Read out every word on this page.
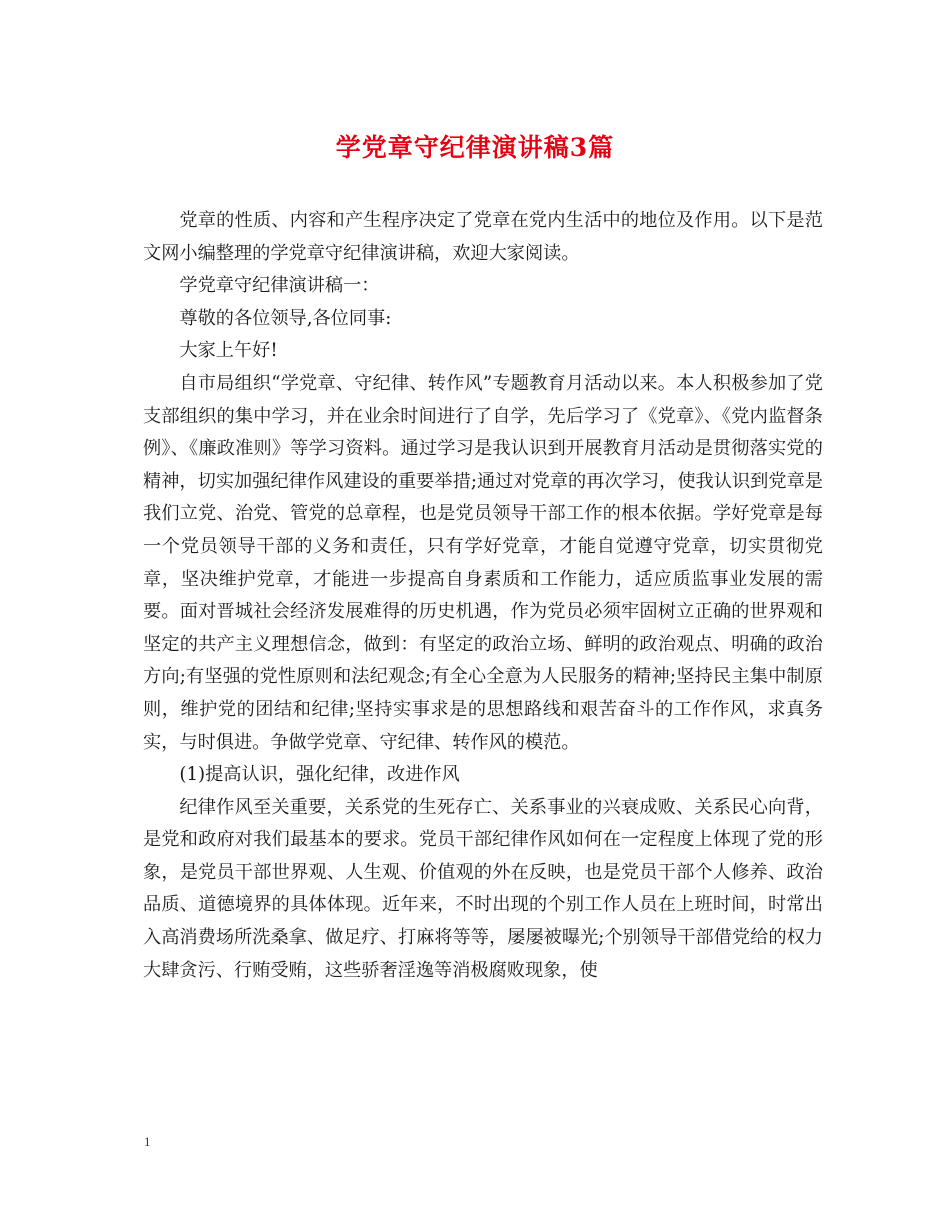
学党章守纪律演讲稿3篇

党章的性质、内容和产生程序决定了党章在党内生活中的地位及作用。以下是范文网小编整理的学党章守纪律演讲稿，欢迎大家阅读。

学党章守纪律演讲稿一：

尊敬的各位领导,各位同事:

大家上午好!

自市局组织“学党章、守纪律、转作风”专题教育月活动以来。本人积极参加了党支部组织的集中学习，并在业余时间进行了自学，先后学习了《党章》、《党内监督条例》、《廉政准则》等学习资料。通过学习是我认识到开展教育月活动是贯彻落实党的精神，切实加强纪律作风建设的重要举措;通过对党章的再次学习，使我认识到党章是我们立党、治党、管党的总章程，也是党员领导干部工作的根本依据。学好党章是每一个党员领导干部的义务和责任，只有学好党章，才能自觉遵守党章，切实贯彻党章，坚决维护党章，才能进一步提高自身素质和工作能力，适应质监事业发展的需要。面对晋城社会经济发展难得的历史机遇，作为党员必须牢固树立正确的世界观和坚定的共产主义理想信念，做到：有坚定的政治立场、鲜明的政治观点、明确的政治方向;有坚强的党性原则和法纪观念;有全心全意为人民服务的精神;坚持民主集中制原则，维护党的团结和纪律;坚持实事求是的思想路线和艰苦奋斗的工作作风，求真务实，与时俱进。争做学党章、守纪律、转作风的模范。

(1)提高认识，强化纪律，改进作风

纪律作风至关重要，关系党的生死存亡、关系事业的兴衰成败、关系民心向背，是党和政府对我们最基本的要求。党员干部纪律作风如何在一定程度上体现了党的形象，是党员干部世界观、人生观、价值观的外在反映，也是党员干部个人修养、政治品质、道德境界的具体体现。近年来，不时出现的个别工作人员在上班时间，时常出入高消费场所洗桑拿、做足疗、打麻将等等，屡屡被曝光;个别领导干部借党给的权力大肆贪污、行贿受贿，这些骄奢淫逸等消极腐败现象，使

1
